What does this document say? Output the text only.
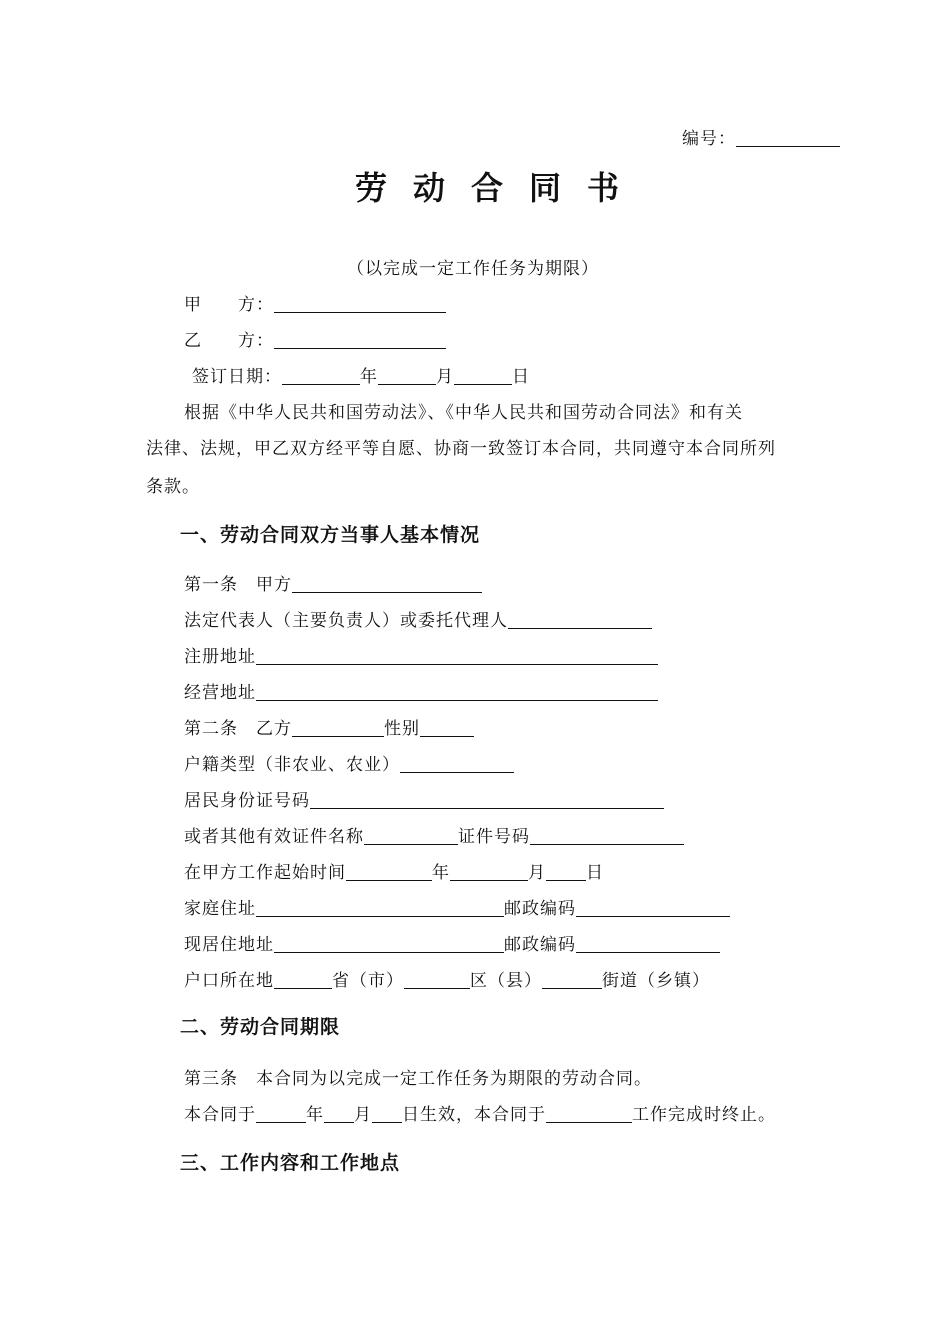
编号：
劳动合同书
（以完成一定工作任务为期限）
甲　　方：
乙　　方：
签订日期：	年	月	日
根据《中华人民共和国劳动法》、《中华人民共和国劳动合同法》和有关
法律、法规，甲乙双方经平等自愿、协商一致签订本合同，共同遵守本合同所列
条款。
一、劳动合同双方当事人基本情况
第一条　甲方
法定代表人（主要负责人）或委托代理人
注册地址
经营地址
第二条　乙方	性别
户籍类型（非农业、农业）
居民身份证号码
或者其他有效证件名称	证件号码
在甲方工作起始时间	年	月 日
家庭住址	邮政编码
现居住地址	邮政编码
户口所在地	省（市）	区（县）	街道（乡镇）
二、劳动合同期限
第三条　本合同为以完成一定工作任务为期限的劳动合同。
本合同于	年 月 日生效，本合同于	工作完成时终止。
三、工作内容和工作地点
